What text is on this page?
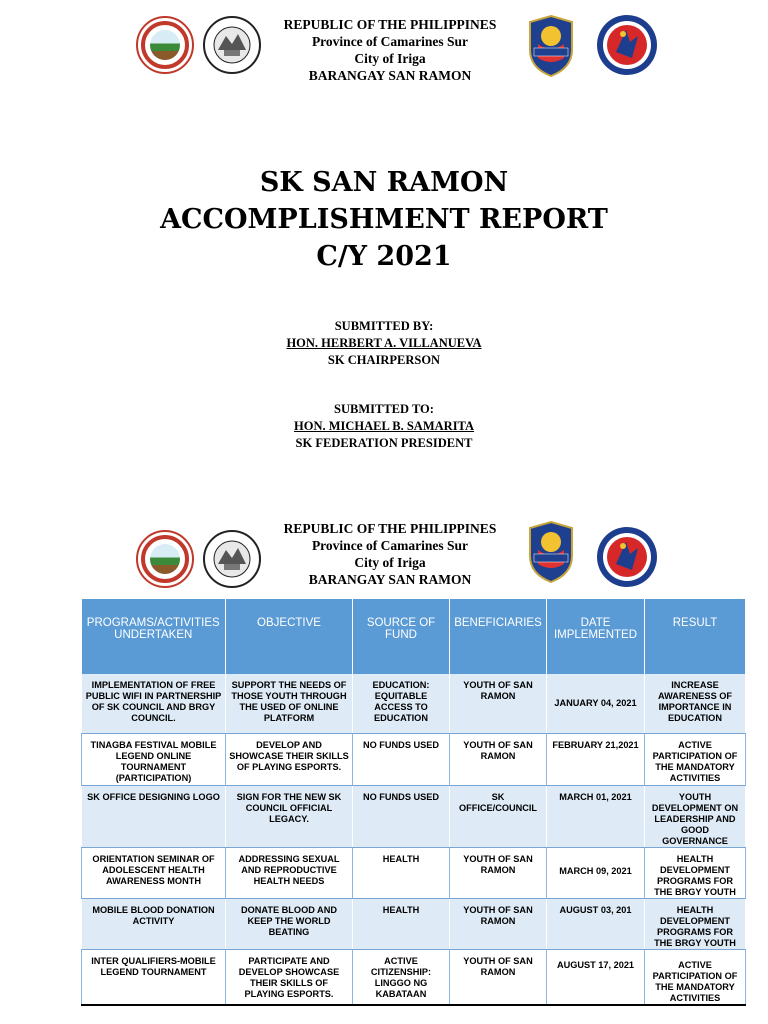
REPUBLIC OF THE PHILIPPINES
Province of Camarines Sur
City of Iriga
BARANGAY SAN RAMON
SK SAN RAMON
ACCOMPLISHMENT REPORT
C/Y 2021
SUBMITTED BY:
HON. HERBERT A. VILLANUEVA
SK CHAIRPERSON
SUBMITTED TO:
HON. MICHAEL B. SAMARITA
SK FEDERATION PRESIDENT
REPUBLIC OF THE PHILIPPINES
Province of Camarines Sur
City of Iriga
BARANGAY SAN RAMON
PROGRAMS/ACTIVITIES UNDERTAKEN	OBJECTIVE	SOURCE OF FUND	BENEFICIARIES	DATE IMPLEMENTED	RESULT
IMPLEMENTATION OF FREE PUBLIC WIFI IN PARTNERSHIP OF SK COUNCIL AND BRGY COUNCIL.	SUPPORT THE NEEDS OF THOSE YOUTH THROUGH THE USED OF ONLINE PLATFORM	EDUCATION: EQUITABLE ACCESS TO EDUCATION	YOUTH OF SAN RAMON	JANUARY 04, 2021	INCREASE AWARENESS OF IMPORTANCE IN EDUCATION
TINAGBA FESTIVAL MOBILE LEGEND ONLINE TOURNAMENT (PARTICIPATION)	DEVELOP AND SHOWCASE THEIR SKILLS OF PLAYING ESPORTS.	NO FUNDS USED	YOUTH OF SAN RAMON	FEBRUARY 21,2021	ACTIVE PARTICIPATION OF THE MANDATORY ACTIVITIES
SK OFFICE DESIGNING LOGO	SIGN FOR THE NEW SK COUNCIL OFFICIAL LEGACY.	NO FUNDS USED	SK OFFICE/COUNCIL	MARCH 01, 2021	YOUTH DEVELOPMENT ON LEADERSHIP AND GOOD GOVERNANCE
ORIENTATION SEMINAR OF ADOLESCENT HEALTH AWARENESS MONTH	ADDRESSING SEXUAL AND REPRODUCTIVE HEALTH NEEDS	HEALTH	YOUTH OF SAN RAMON	MARCH 09, 2021	HEALTH DEVELOPMENT PROGRAMS FOR THE BRGY YOUTH
MOBILE BLOOD DONATION ACTIVITY	DONATE BLOOD AND KEEP THE WORLD BEATING	HEALTH	YOUTH OF SAN RAMON	AUGUST 03, 201	HEALTH DEVELOPMENT PROGRAMS FOR THE BRGY YOUTH
INTER QUALIFIERS-MOBILE LEGEND TOURNAMENT	PARTICIPATE AND DEVELOP SHOWCASE THEIR SKILLS OF PLAYING ESPORTS.	ACTIVE CITIZENSHIP: LINGGO NG KABATAAN	YOUTH OF SAN RAMON	AUGUST 17, 2021	ACTIVE PARTICIPATION OF THE MANDATORY ACTIVITIES
